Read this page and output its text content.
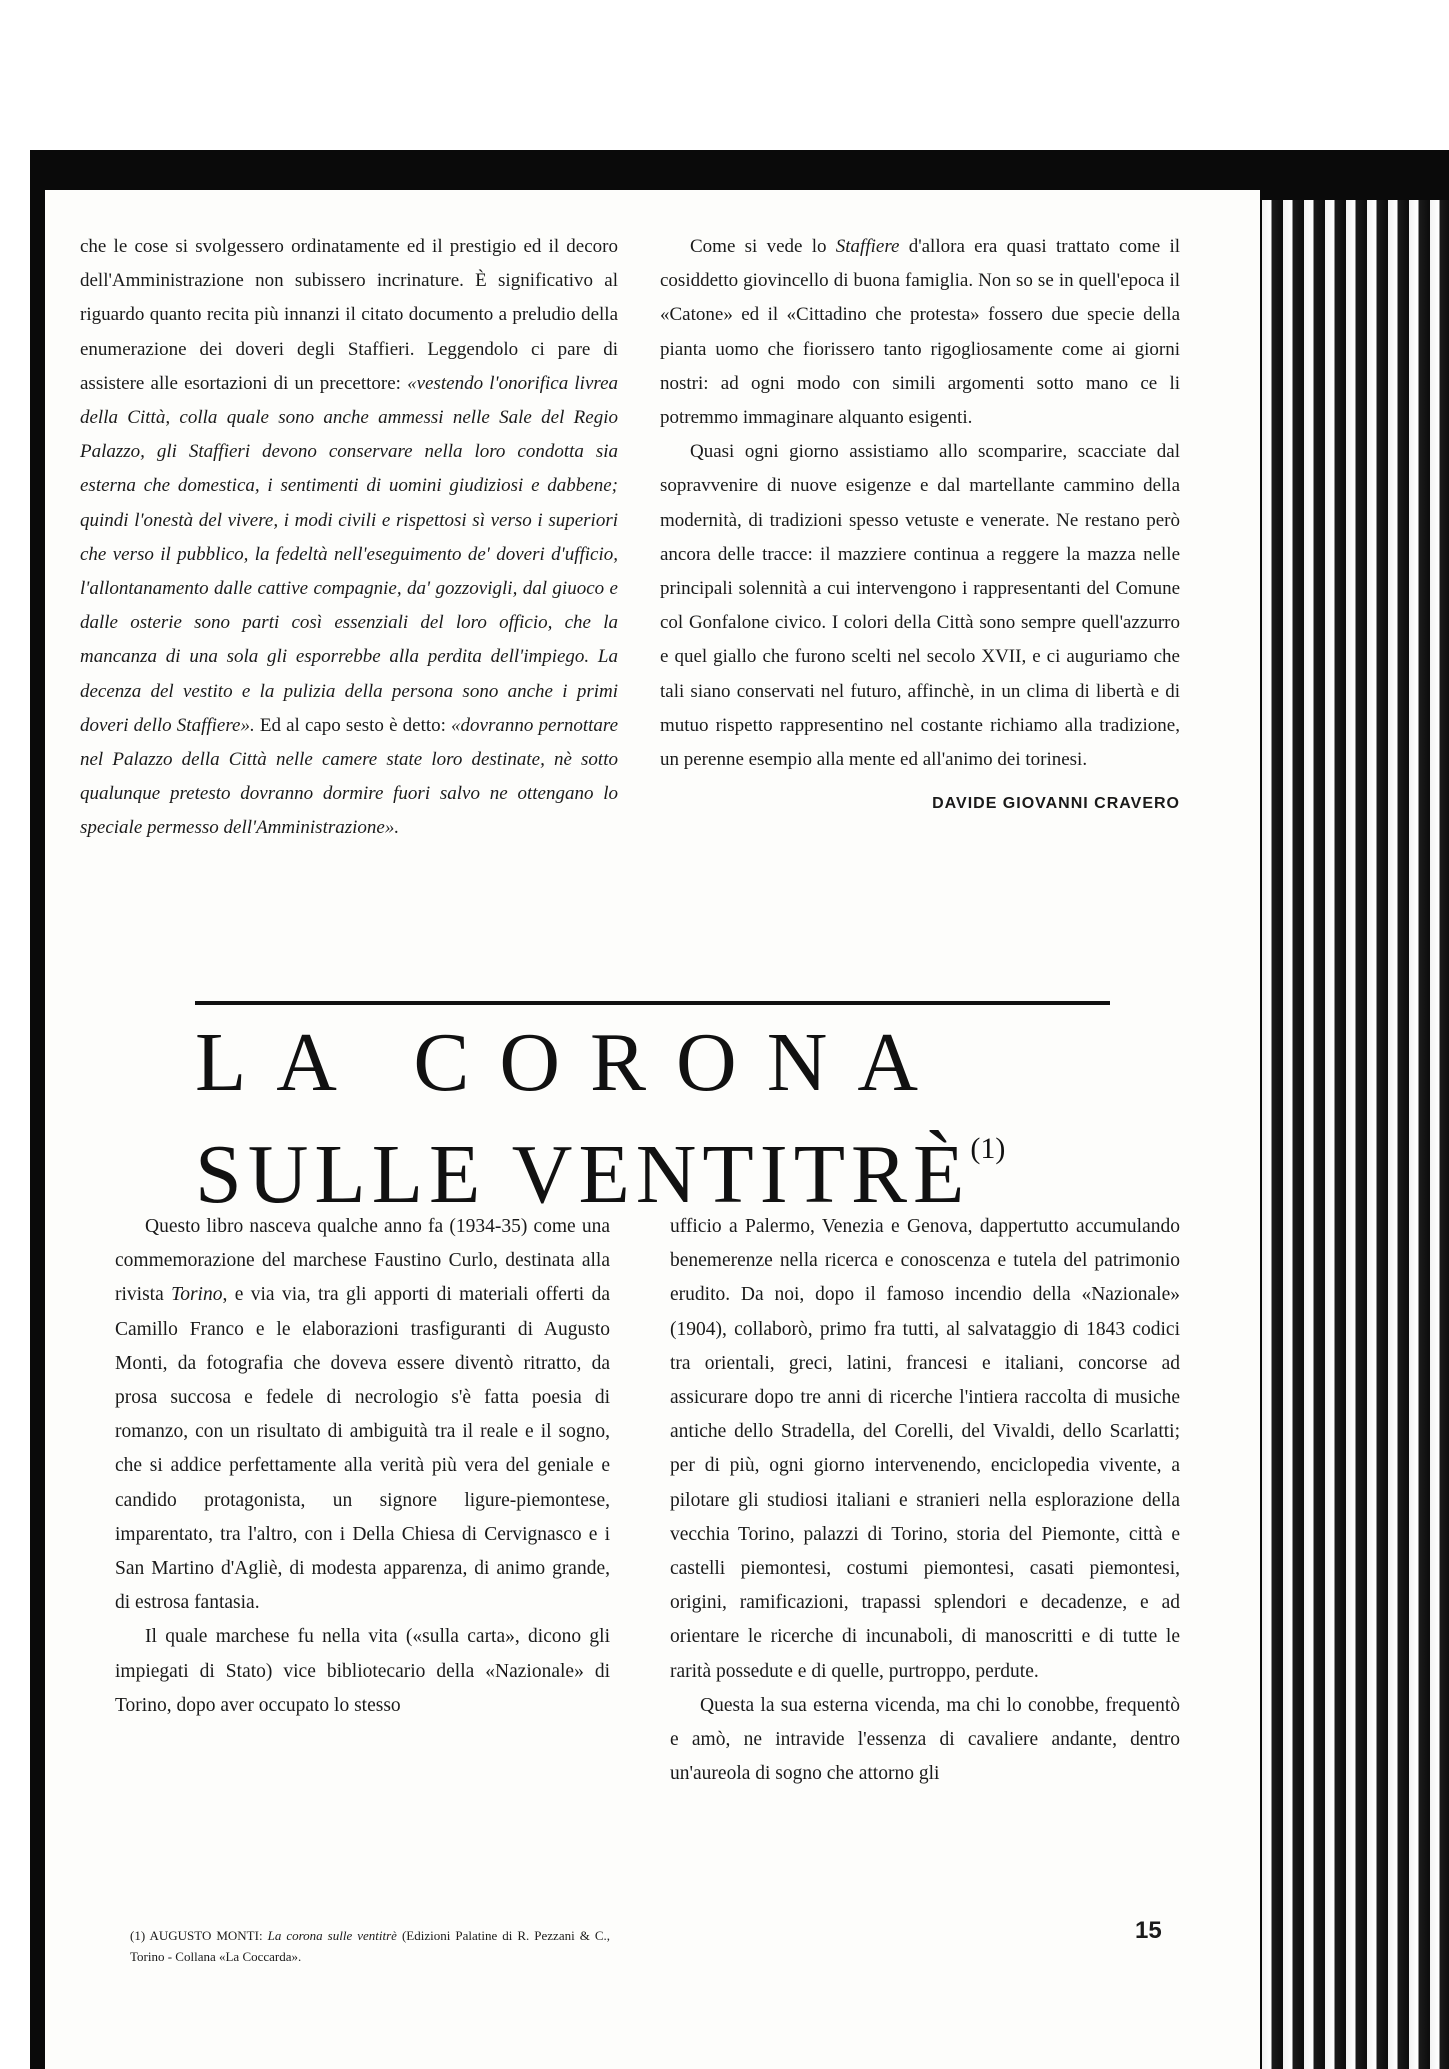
che le cose si svolgessero ordinatamente ed il prestigio ed il decoro dell'Amministrazione non subissero incrinature. È significativo al riguardo quanto recita più innanzi il citato documento a preludio della enumerazione dei doveri degli Staffieri. Leggendolo ci pare di assistere alle esortazioni di un precettore: «vestendo l'onorifica livrea della Città, colla quale sono anche ammessi nelle Sale del Regio Palazzo, gli Staffieri devono conservare nella loro condotta sia esterna che domestica, i sentimenti di uomini giudiziosi e dabbene; quindi l'onestà del vivere, i modi civili e rispettosi sì verso i superiori che verso il pubblico, la fedeltà nell'eseguimento de' doveri d'ufficio, l'allontanamento dalle cattive compagnie, da' gozzovigli, dal giuoco e dalle osterie sono parti così essenziali del loro officio, che la mancanza di una sola gli esporrebbe alla perdita dell'impiego. La decenza del vestito e la pulizia della persona sono anche i primi doveri dello Staffiere». Ed al capo sesto è detto: «dovranno pernottare nel Palazzo della Città nelle camere state loro destinate, nè sotto qualunque pretesto dovranno dormire fuori salvo ne ottengano lo speciale permesso dell'Amministrazione».

Come si vede lo Staffiere d'allora era quasi trattato come il cosiddetto giovincello di buona famiglia. Non so se in quell'epoca il «Catone» ed il «Cittadino che protesta» fossero due specie della pianta uomo che fiorissero tanto rigogliosamente come ai giorni nostri: ad ogni modo con simili argomenti sotto mano ce li potremmo immaginare alquanto esigenti.

Quasi ogni giorno assistiamo allo scomparire, scacciate dal sopravvenire di nuove esigenze e dal martellante cammino della modernità, di tradizioni spesso vetuste e venerate. Ne restano però ancora delle tracce: il mazziere continua a reggere la mazza nelle principali solennità a cui intervengono i rappresentanti del Comune col Gonfalone civico. I colori della Città sono sempre quell'azzurro e quel giallo che furono scelti nel secolo XVII, e ci auguriamo che tali siano conservati nel futuro, affinchè, in un clima di libertà e di mutuo rispetto rappresentino nel costante richiamo alla tradizione, un perenne esempio alla mente ed all'animo dei torinesi.

DAVIDE GIOVANNI CRAVERO
LA CORONA
SULLE VENTITRÈ$^{(1)}$

Questo libro nasceva qualche anno fa (1934-35) come una commemorazione del marchese Faustino Curlo, destinata alla rivista Torino, e via via, tra gli apporti di materiali offerti da Camillo Franco e le elaborazioni trasfiguranti di Augusto Monti, da fotografia che doveva essere diventò ritratto, da prosa succosa e fedele di necrologio s'è fatta poesia di romanzo, con un risultato di ambiguità tra il reale e il sogno, che si addice perfettamente alla verità più vera del geniale e candido protagonista, un signore ligure-piemontese, imparentato, tra l'altro, con i Della Chiesa di Cervignasco e i San Martino d'Agliè, di modesta apparenza, di animo grande, di estrosa fantasia.

Il quale marchese fu nella vita («sulla carta», dicono gli impiegati di Stato) vice bibliotecario della «Nazionale» di Torino, dopo aver occupato lo stesso

ufficio a Palermo, Venezia e Genova, dappertutto accumulando benemerenze nella ricerca e conoscenza e tutela del patrimonio erudito. Da noi, dopo il famoso incendio della «Nazionale» (1904), collaborò, primo fra tutti, al salvataggio di 1843 codici tra orientali, greci, latini, francesi e italiani, concorse ad assicurare dopo tre anni di ricerche l'intiera raccolta di musiche antiche dello Stradella, del Corelli, del Vivaldi, dello Scarlatti; per di più, ogni giorno intervenendo, enciclopedia vivente, a pilotare gli studiosi italiani e stranieri nella esplorazione della vecchia Torino, palazzi di Torino, storia del Piemonte, città e castelli piemontesi, costumi piemontesi, casati piemontesi, origini, ramificazioni, trapassi splendori e decadenze, e ad orientare le ricerche di incunaboli, di manoscritti e di tutte le rarità possedute e di quelle, purtroppo, perdute.

Questa la sua esterna vicenda, ma chi lo conobbe, frequentò e amò, ne intravide l'essenza di cavaliere andante, dentro un'aureola di sogno che attorno gli

(1) AUGUSTO MONTI: La corona sulle ventitrè (Edizioni Palatine di R. Pezzani & C., Torino - Collana «La Coccarda».
15
